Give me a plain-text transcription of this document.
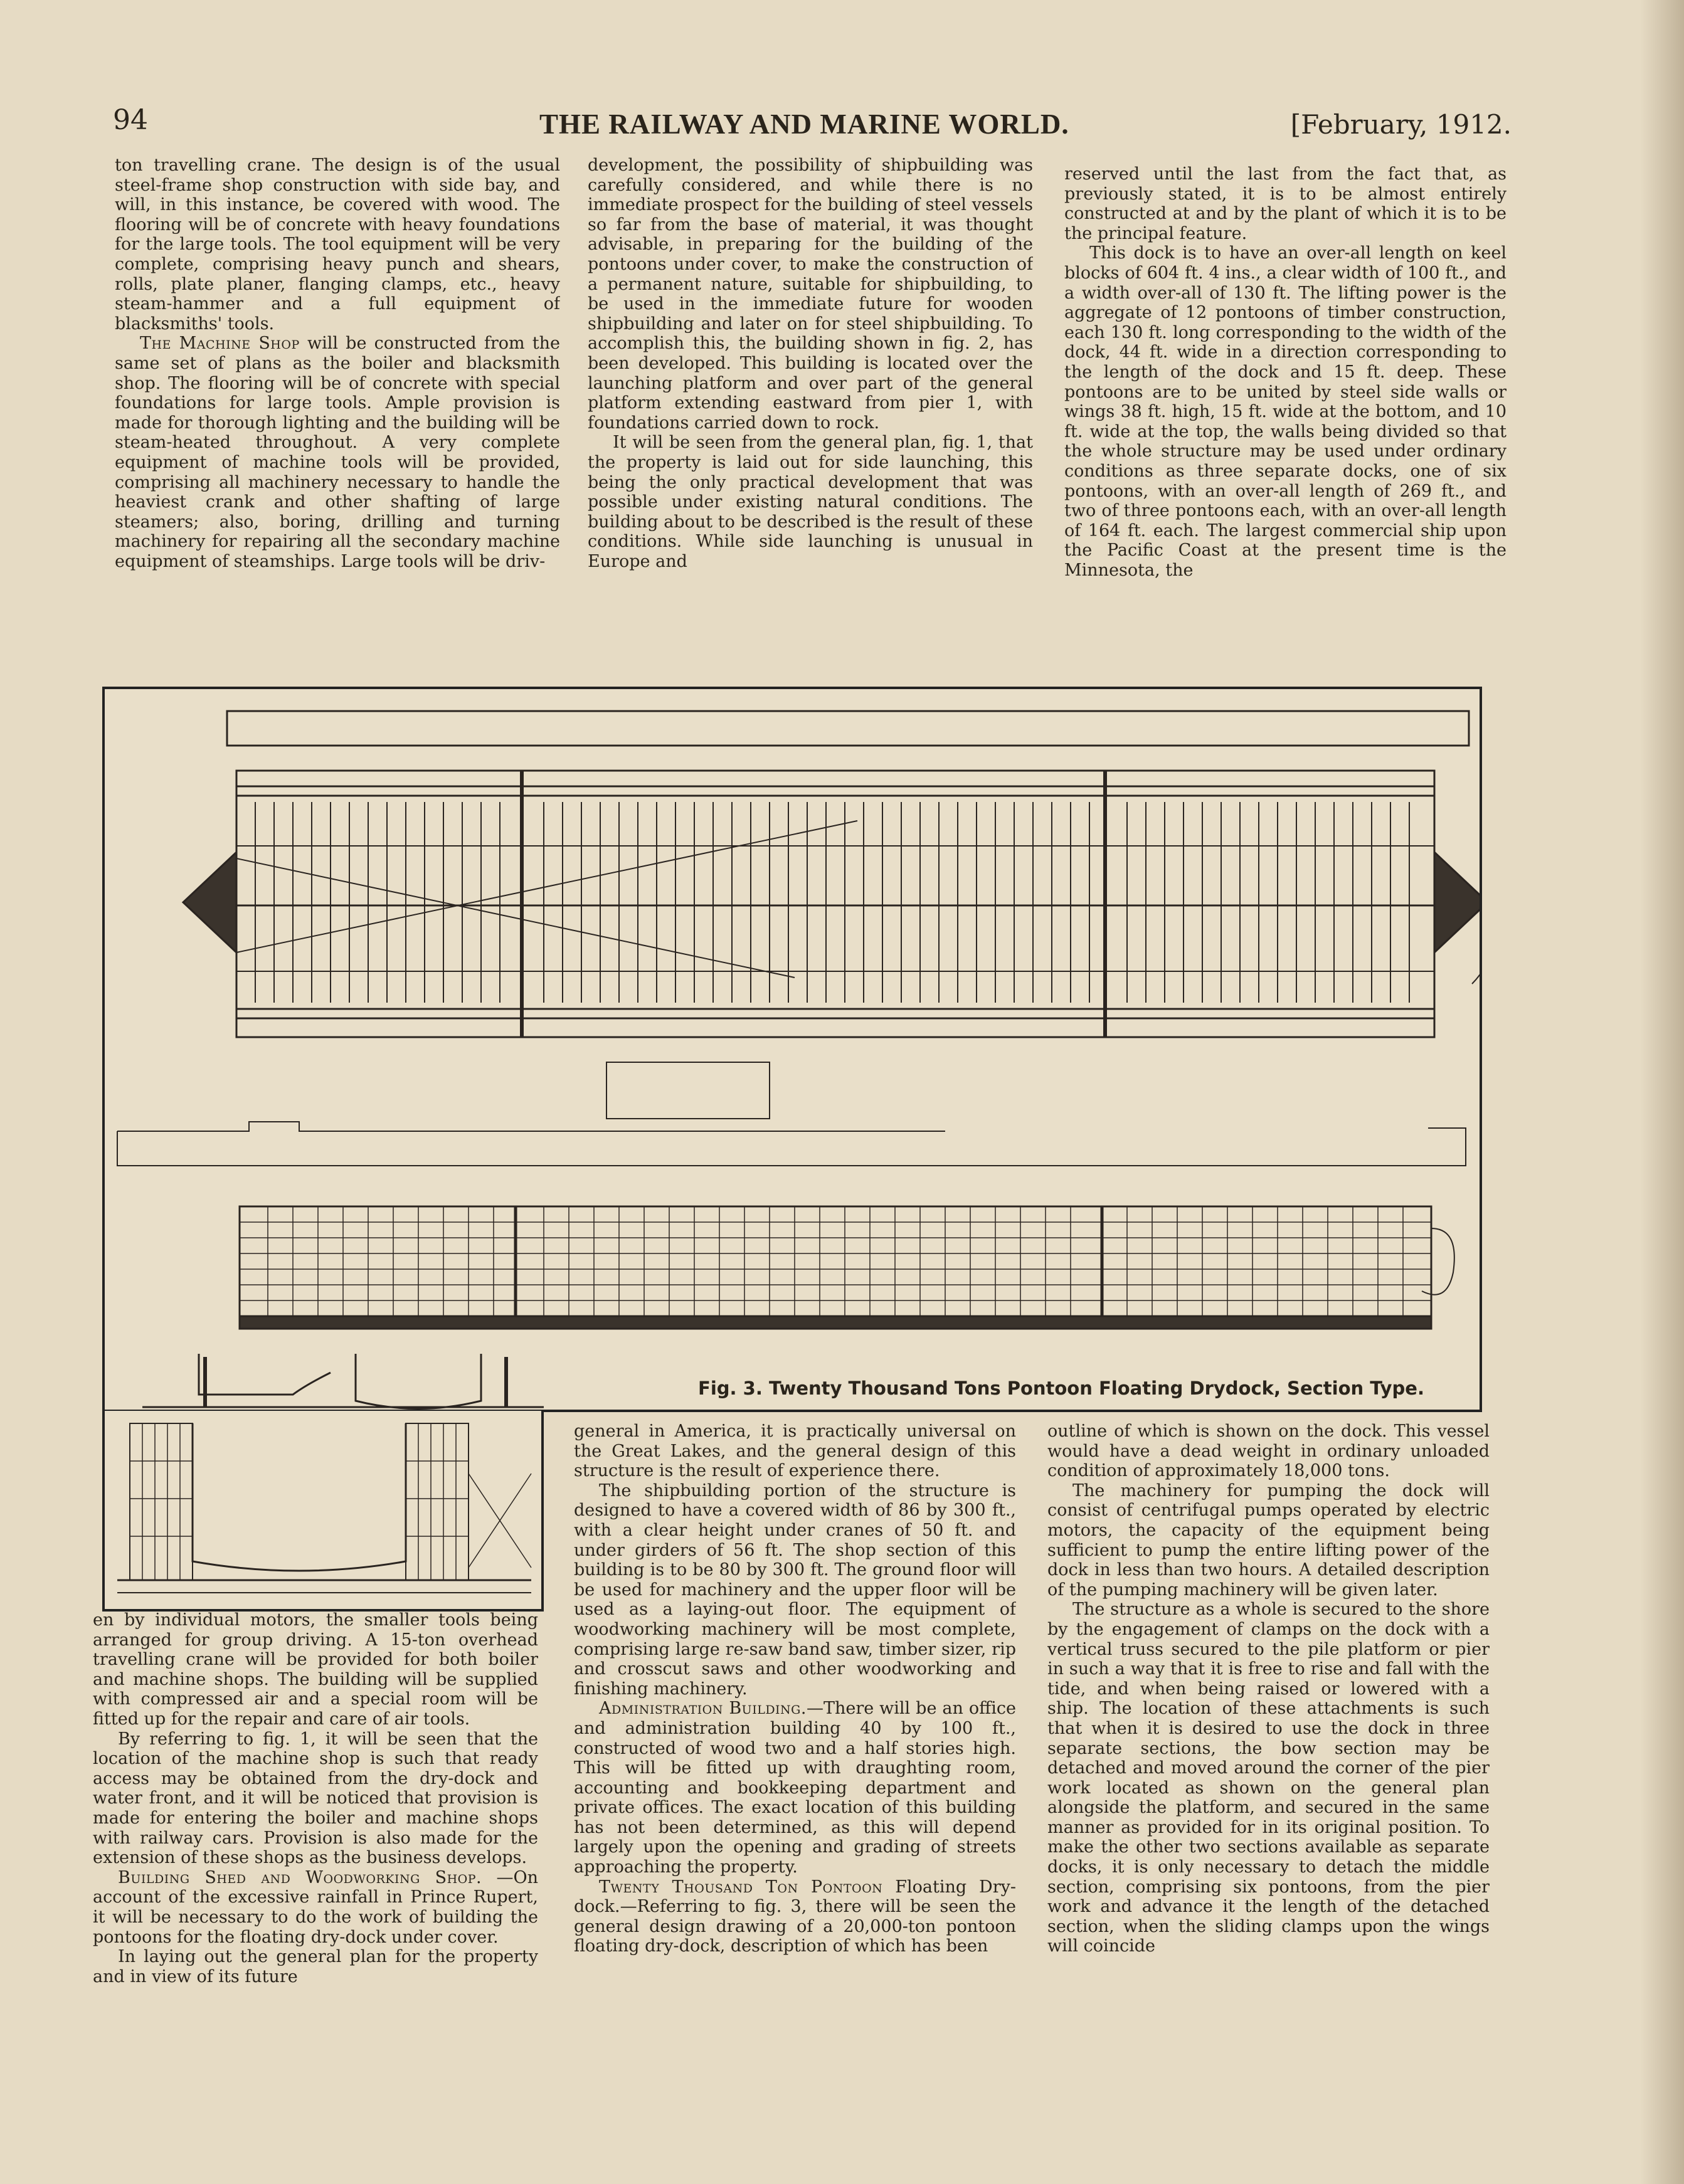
94	THE RAILWAY AND MARINE WORLD.	[February, 1912.

ton travelling crane. The design is of the usual steel-frame shop construction with side bay, and will, in this instance, be covered with wood. The flooring will be of concrete with heavy foundations for the large tools. The tool equipment will be very complete, comprising heavy punch and shears, rolls, plate planer, flanging clamps, etc., heavy steam-hammer and a full equipment of blacksmiths' tools.

The Machine Shop will be constructed from the same set of plans as the boiler and blacksmith shop. The flooring will be of concrete with special foundations for large tools. Ample provision is made for thorough lighting and the building will be steam-heated throughout. A very complete equipment of machine tools will be provided, comprising all machinery necessary to handle the heaviest crank and other shafting of large steamers; also, boring, drilling and turning machinery for repairing all the secondary machine equipment of steamships. Large tools will be driv-

development, the possibility of shipbuilding was carefully considered, and while there is no immediate prospect for the building of steel vessels so far from the base of material, it was thought advisable, in preparing for the building of the pontoons under cover, to make the construction of a permanent nature, suitable for shipbuilding, to be used in the immediate future for wooden shipbuilding and later on for steel shipbuilding. To accomplish this, the building shown in fig. 2, has been developed. This building is located over the launching platform and over part of the general platform extending eastward from pier 1, with foundations carried down to rock.

It will be seen from the general plan, fig. 1, that the property is laid out for side launching, this being the only practical development that was possible under existing natural conditions. The building about to be described is the result of these conditions. While side launching is unusual in Europe and

reserved until the last from the fact that, as previously stated, it is to be almost entirely constructed at and by the plant of which it is to be the principal feature.

This dock is to have an over-all length on keel blocks of 604 ft. 4 ins., a clear width of 100 ft., and a width over-all of 130 ft. The lifting power is the aggregate of 12 pontoons of timber construction, each 130 ft. long corresponding to the width of the dock, 44 ft. wide in a direction corresponding to the length of the dock and 15 ft. deep. These pontoons are to be united by steel side walls or wings 38 ft. high, 15 ft. wide at the bottom, and 10 ft. wide at the top, the walls being divided so that the whole structure may be used under ordinary conditions as three separate docks, one of six pontoons, with an over-all length of 269 ft., and two of three pontoons each, with an over-all length of 164 ft. each. The largest commercial ship upon the Pacific Coast at the present time is the Minnesota, the

Fig. 3. Twenty Thousand Tons Pontoon Floating Drydock, Section Type.

en by individual motors, the smaller tools being arranged for group driving. A 15-ton overhead travelling crane will be provided for both boiler and machine shops. The building will be supplied with compressed air and a special room will be fitted up for the repair and care of air tools.

By referring to fig. 1, it will be seen that the location of the machine shop is such that ready access may be obtained from the dry-dock and water front, and it will be noticed that provision is made for entering the boiler and machine shops with railway cars. Provision is also made for the extension of these shops as the business develops.

Building Shed and Woodworking Shop. —On account of the excessive rainfall in Prince Rupert, it will be necessary to do the work of building the pontoons for the floating dry-dock under cover.

In laying out the general plan for the property and in view of its future

general in America, it is practically universal on the Great Lakes, and the general design of this structure is the result of experience there.

The shipbuilding portion of the structure is designed to have a covered width of 86 by 300 ft., with a clear height under cranes of 50 ft. and under girders of 56 ft. The shop section of this building is to be 80 by 300 ft. The ground floor will be used for machinery and the upper floor will be used as a laying-out floor. The equipment of woodworking machinery will be most complete, comprising large re-saw band saw, timber sizer, rip and crosscut saws and other woodworking and finishing machinery.

Administration Building.—There will be an office and administration building 40 by 100 ft., constructed of wood two and a half stories high. This will be fitted up with draughting room, accounting and bookkeeping department and private offices. The exact location of this building has not been determined, as this will depend largely upon the opening and grading of streets approaching the property.

Twenty Thousand Ton Pontoon Floating Dry-dock.—Referring to fig. 3, there will be seen the general design drawing of a 20,000-ton pontoon floating dry-dock, description of which has been

outline of which is shown on the dock. This vessel would have a dead weight in ordinary unloaded condition of approximately 18,000 tons.

The machinery for pumping the dock will consist of centrifugal pumps operated by electric motors, the capacity of the equipment being sufficient to pump the entire lifting power of the dock in less than two hours. A detailed description of the pumping machinery will be given later.

The structure as a whole is secured to the shore by the engagement of clamps on the dock with a vertical truss secured to the pile platform or pier in such a way that it is free to rise and fall with the tide, and when being raised or lowered with a ship. The location of these attachments is such that when it is desired to use the dock in three separate sections, the bow section may be detached and moved around the corner of the pier work located as shown on the general plan alongside the platform, and secured in the same manner as provided for in its original position. To make the other two sections available as separate docks, it is only necessary to detach the middle section, comprising six pontoons, from the pier work and advance it the length of the detached section, when the sliding clamps upon the wings will coincide
